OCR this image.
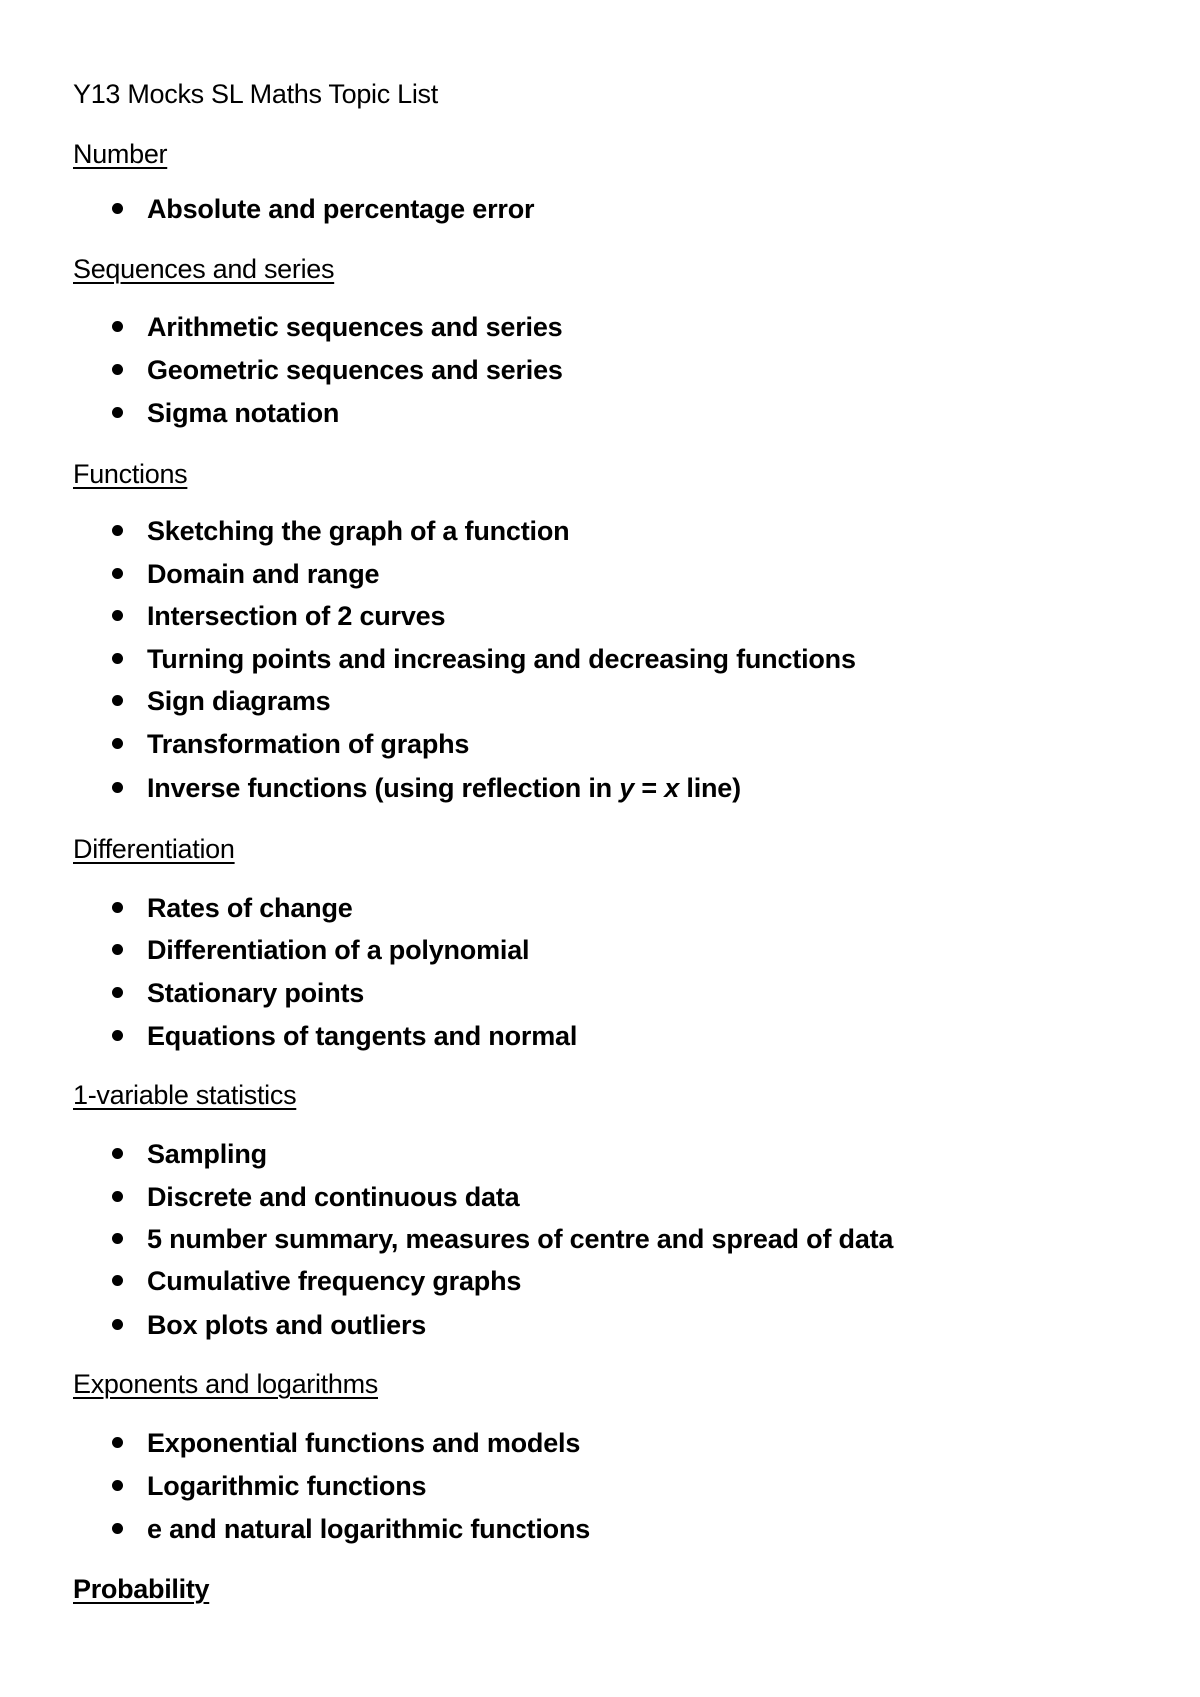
Y13 Mocks SL Maths Topic List
Number
Absolute and percentage error
Sequences and series
Arithmetic sequences and series
Geometric sequences and series
Sigma notation
Functions
Sketching the graph of a function
Domain and range
Intersection of 2 curves
Turning points and increasing and decreasing functions
Sign diagrams
Transformation of graphs
Inverse functions (using reflection in y = x line)
Differentiation
Rates of change
Differentiation of a polynomial
Stationary points
Equations of tangents and normal
1-variable statistics
Sampling
Discrete and continuous data
5 number summary, measures of centre and spread of data
Cumulative frequency graphs
Box plots and outliers
Exponents and logarithms
Exponential functions and models
Logarithmic functions
e and natural logarithmic functions
Probability
